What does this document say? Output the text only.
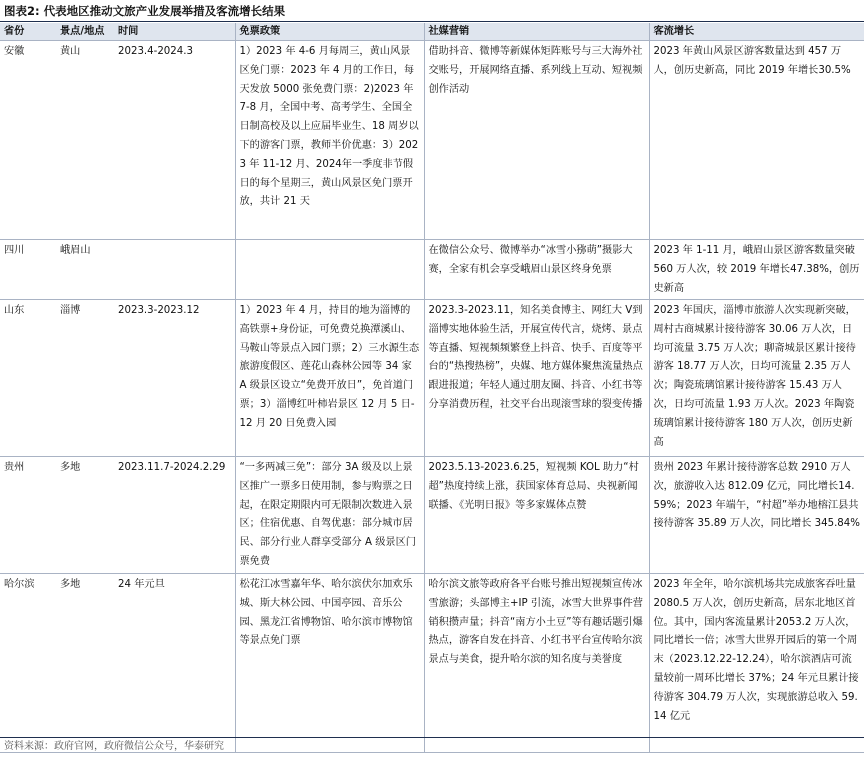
图表2: 代表地区推动文旅产业发展举措及客流增长结果
省份	景点/地点	时间	免票政策	社媒营销	客流增长
安徽	黄山	2023.4-2024.3	1）2023 年 4-6 月每周三，黄山风景区免门票：2023 年 4 月的工作日，每天发放 5000 张免费门票：2)2023 年 7-8 月，全国中考、高考学生、全国全日制高校及以上应届毕业生、18 周岁以下的游客门票，教师半价优惠：3）2023 年 11-12 月、2024年一季度非节假日的每个星期三，黄山风景区免门票开放，共计 21 天	借助抖音、微博等新媒体矩阵账号与三大海外社交账号，开展网络直播、系列线上互动、短视频创作活动	2023 年黄山风景区游客数量达到 457 万人，创历史新高，同比 2019 年增长30.5%
四川	峨眉山			在微信公众号、微博举办“冰雪小猕萌”摄影大赛，全家有机会享受峨眉山景区终身免票	2023 年 1-11 月，峨眉山景区游客数量突破 560 万人次，较 2019 年增长47.38%，创历史新高
山东	淄博	2023.3-2023.12	1）2023 年 4 月，持目的地为淄博的高铁票+身份证，可免费兑换潭溪山、马鞍山等景点入园门票；2）三水源生态旅游度假区、莲花山森林公园等 34 家 A 级景区设立“免费开放日”，免首道门票；3）淄博红叶柿岩景区 12 月 5 日-12 月 20 日免费入园	2023.3-2023.11，知名美食博主、网红大 V到淄博实地体验生活，开展宣传代言，烧烤、景点等直播、短视频频繁登上抖音、快手、百度等平台的“热搜热榜”，央媒、地方媒体聚焦流量热点跟进报道；年轻人通过朋友圈、抖音、小红书等分享消费历程，社交平台出现滚雪球的裂变传播	2023 年国庆，淄博市旅游人次实现新突破，周村古商城累计接待游客 30.06 万人次，日均可流量 3.75 万人次；聊斋城景区累计接待游客 18.77 万人次，日均可流量 2.35 万人次；陶瓷琉璃馆累计接待游客 15.43 万人次，日均可流量 1.93 万人次。2023 年陶瓷琉璃馆累计接待游客 180 万人次，创历史新高
贵州	多地	2023.11.7-2024.2.29	“一多两减三免”：部分 3A 级及以上景区推广一票多日使用制，参与购票之日起，在限定期限内可无限制次数进入景区；住宿优惠、自驾优惠：部分城市居民、部分行业人群享受部分 A 级景区门票免费	2023.5.13-2023.6.25，短视频 KOL 助力“村超”热度持续上涨，获国家体育总局、央视新闻联播、《光明日报》等多家媒体点赞	贵州 2023 年累计接待游客总数 2910 万人次，旅游收入达 812.09 亿元，同比增长14.59%；2023 年端午，“村超”举办地榕江县共接待游客 35.89 万人次，同比增长 345.84%
哈尔滨	多地	24 年元旦	松花江冰雪嘉年华、哈尔滨伏尔加欢乐城、斯大林公园、中国亭园、音乐公园、黑龙江省博物馆、哈尔滨市博物馆等景点免门票	哈尔滨文旅等政府各平台账号推出短视频宣传冰雪旅游；头部博主+IP 引流，冰雪大世界事件营销积攒声量；抖音“南方小土豆”等有趣话题引爆热点，游客自发在抖音、小红书平台宣传哈尔滨景点与美食，提升哈尔滨的知名度与美誉度	2023 年全年，哈尔滨机场共完成旅客吞吐量 2080.5 万人次，创历史新高，居东北地区首位。其中，国内客流量累计2053.2 万人次，同比增长一倍；冰雪大世界开园后的第一个周末（2023.12.22-12.24），哈尔滨酒店可流量较前一周环比增长 37%；24 年元旦累计接待游客 304.79 万人次，实现旅游总收入 59.14 亿元
资料来源：政府官网，政府微信公众号，华泰研究
